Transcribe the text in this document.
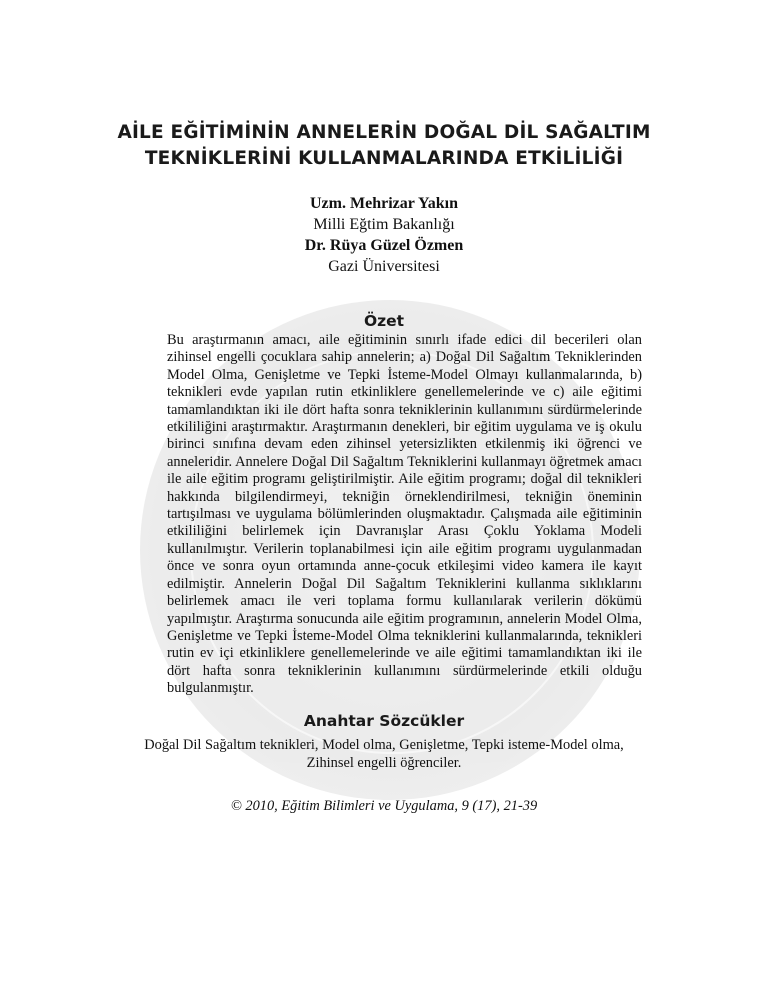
AİLE EĞİTİMİNİN ANNELERİN DOĞAL DİL SAĞALTIM TEKNİKLERİNİ KULLANMALARINDA ETKİLİLİĞİ
Uzm. Mehrizar Yakın
Milli Eğtim Bakanlığı
Dr. Rüya Güzel Özmen
Gazi Üniversitesi
Özet
Bu araştırmanın amacı, aile eğitiminin sınırlı ifade edici dil becerileri olan zihinsel engelli çocuklara sahip annelerin; a) Doğal Dil Sağaltım Tekniklerinden Model Olma, Genişletme ve Tepki İsteme-Model Olmayı kullanmalarında, b) teknikleri evde yapılan rutin etkinliklere genellemelerinde ve c) aile eğitimi tamamlandıktan iki ile dört hafta sonra tekniklerinin kullanımını sürdürmelerinde etkililiğini araştırmaktır. Araştırmanın denekleri, bir eğitim uygulama ve iş okulu birinci sınıfına devam eden zihinsel yetersizlikten etkilenmiş iki öğrenci ve anneleridir. Annelere Doğal Dil Sağaltım Tekniklerini kullanmayı öğretmek amacı ile aile eğitim programı geliştirilmiştir. Aile eğitim programı; doğal dil teknikleri hakkında bilgilendirmeyi, tekniğin örneklendirilmesi, tekniğin öneminin tartışılması ve uygulama bölümlerinden oluşmaktadır. Çalışmada aile eğitiminin etkililiğini belirlemek için Davranışlar Arası Çoklu Yoklama Modeli kullanılmıştır. Verilerin toplanabilmesi için aile eğitim programı uygulanmadan önce ve sonra oyun ortamında anne-çocuk etkileşimi video kamera ile kayıt edilmiştir. Annelerin Doğal Dil Sağaltım Tekniklerini kullanma sıklıklarını belirlemek amacı ile veri toplama formu kullanılarak verilerin dökümü yapılmıştır. Araştırma sonucunda aile eğitim programının, annelerin Model Olma, Genişletme ve Tepki İsteme-Model Olma tekniklerini kullanmalarında, teknikleri rutin ev içi etkinliklere genellemelerinde ve aile eğitimi tamamlandıktan iki ile dört hafta sonra tekniklerinin kullanımını sürdürmelerinde etkili olduğu bulgulanmıştır.
Anahtar Sözcükler
Doğal Dil Sağaltım teknikleri, Model olma, Genişletme, Tepki isteme-Model olma, Zihinsel engelli öğrenciler.
© 2010, Eğitim Bilimleri ve Uygulama, 9 (17), 21-39
